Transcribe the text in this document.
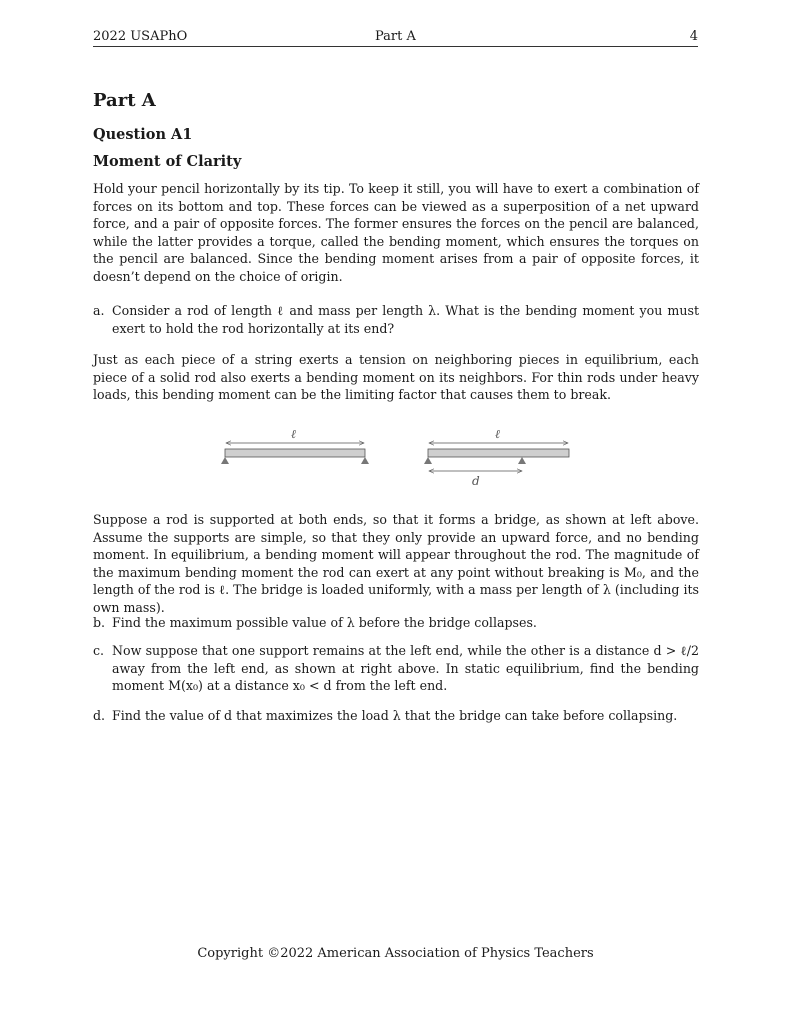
2022 USAPhO	Part A	4
Part A
Question A1
Moment of Clarity

Hold your pencil horizontally by its tip. To keep it still, you will have to exert a combination of forces on its bottom and top. These forces can be viewed as a superposition of a net upward force, and a pair of opposite forces. The former ensures the forces on the pencil are balanced, while the latter provides a torque, called the bending moment, which ensures the torques on the pencil are balanced. Since the bending moment arises from a pair of opposite forces, it doesn’t depend on the choice of origin.

a. Consider a rod of length ℓ and mass per length λ. What is the bending moment you must exert to hold the rod horizontally at its end?

Just as each piece of a string exerts a tension on neighboring pieces in equilibrium, each piece of a solid rod also exerts a bending moment on its neighbors. For thin rods under heavy loads, this bending moment can be the limiting factor that causes them to break.

ℓ	ℓ
d

Suppose a rod is supported at both ends, so that it forms a bridge, as shown at left above. Assume the supports are simple, so that they only provide an upward force, and no bending moment. In equilibrium, a bending moment will appear throughout the rod. The magnitude of the maximum bending moment the rod can exert at any point without breaking is M₀, and the length of the rod is ℓ. The bridge is loaded uniformly, with a mass per length of λ (including its own mass).

b. Find the maximum possible value of λ before the bridge collapses.
c. Now suppose that one support remains at the left end, while the other is a distance d > ℓ/2 away from the left end, as shown at right above. In static equilibrium, find the bending moment M(x₀) at a distance x₀ < d from the left end.
d. Find the value of d that maximizes the load λ that the bridge can take before collapsing.
Copyright ©2022 American Association of Physics Teachers
